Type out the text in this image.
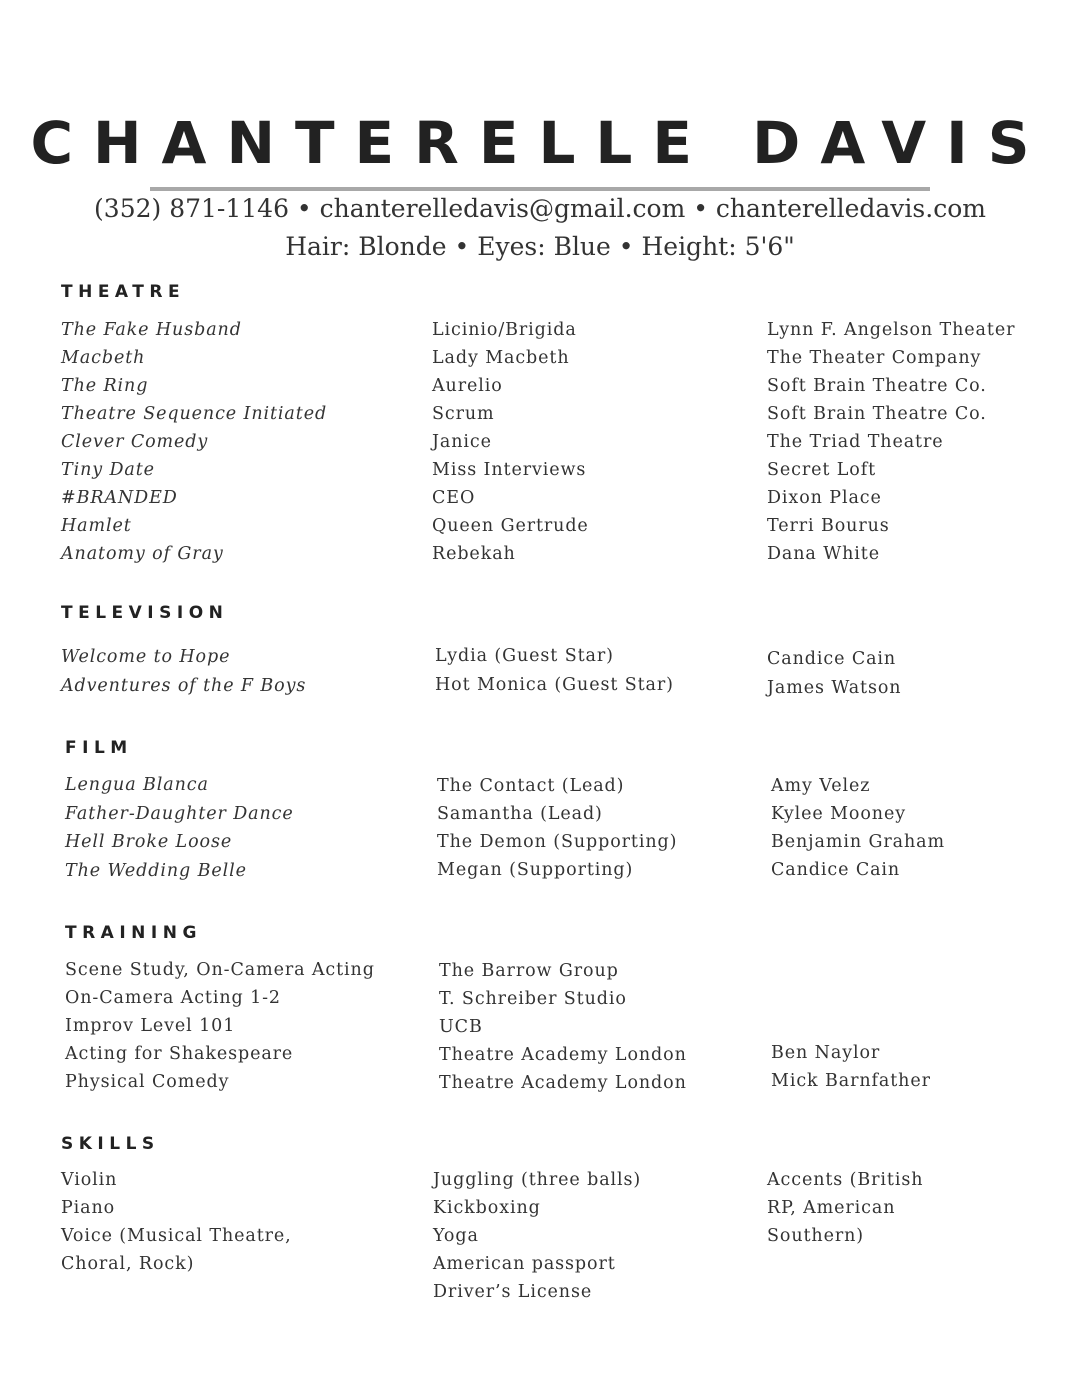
CHANTERELLE DAVIS
(352) 871-1146 • chanterelledavis@gmail.com • chanterelledavis.com
Hair: Blonde • Eyes: Blue • Height: 5'6"
THEATRE
The Fake Husband
Macbeth
The Ring
Theatre Sequence Initiated
Clever Comedy
Tiny Date
#BRANDED
Hamlet
Anatomy of Gray
Licinio/Brigida
Lady Macbeth
Aurelio
Scrum
Janice
Miss Interviews
CEO
Queen Gertrude
Rebekah
Lynn F. Angelson Theater
The Theater Company
Soft Brain Theatre Co.
Soft Brain Theatre Co.
The Triad Theatre
Secret Loft
Dixon Place
Terri Bourus
Dana White
TELEVISION
Welcome to Hope
Adventures of the F Boys
Lydia (Guest Star)
Hot Monica (Guest Star)
Candice Cain
James Watson
FILM
Lengua Blanca
Father-Daughter Dance
Hell Broke Loose
The Wedding Belle
The Contact (Lead)
Samantha (Lead)
The Demon (Supporting)
Megan (Supporting)
Amy Velez
Kylee Mooney
Benjamin Graham
Candice Cain
TRAINING
Scene Study, On-Camera Acting
On-Camera Acting 1-2
Improv Level 101
Acting for Shakespeare
Physical Comedy
The Barrow Group
T. Schreiber Studio
UCB
Theatre Academy London
Theatre Academy London
Ben Naylor
Mick Barnfather
SKILLS
Violin
Piano
Voice (Musical Theatre,
Choral, Rock)
Juggling (three balls)
Kickboxing
Yoga
American passport
Driver’s License
Accents (British
RP, American
Southern)
